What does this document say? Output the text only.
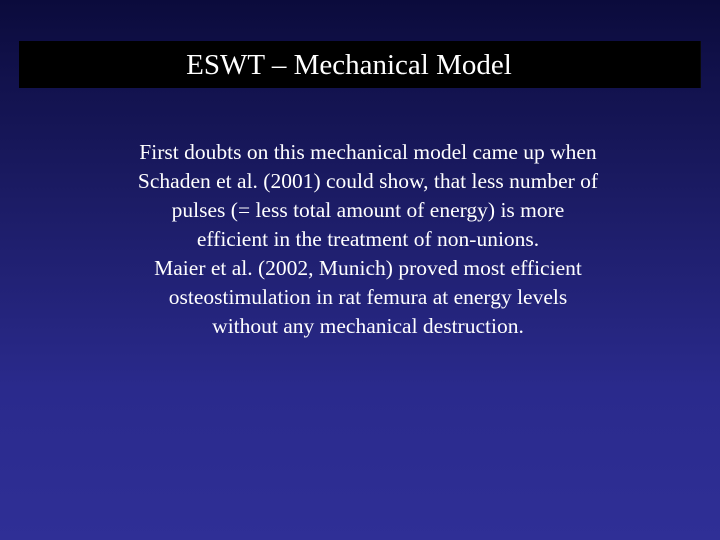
ESWT – Mechanical Model
First doubts on this mechanical model came up when Schaden et al. (2001) could show, that less number of pulses (= less total amount of energy) is more efficient in the treatment of non-unions.
Maier et al. (2002, Munich) proved most efficient osteostimulation in rat femura at energy levels without any mechanical destruction.
